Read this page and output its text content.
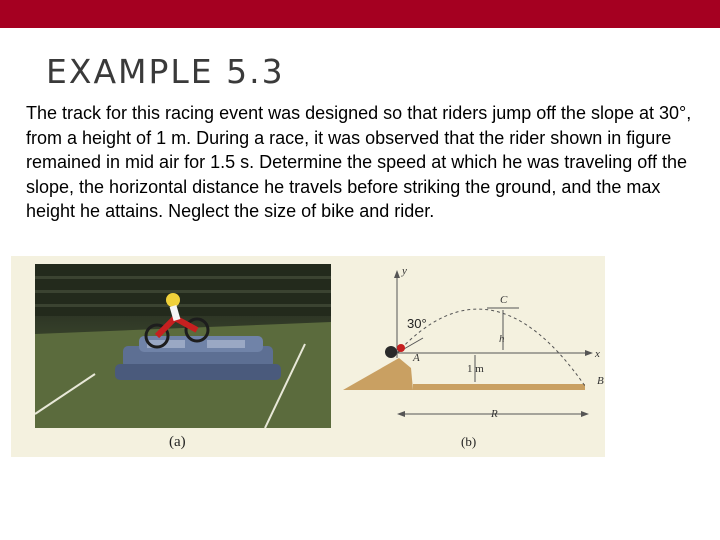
EXAMPLE 5.3

The track for this racing event was designed so that riders jump off the slope at 30°, from a height of 1 m. During a race, it was observed that the rider shown in figure remained in mid air for 1.5 s. Determine the speed at which he was traveling off the slope, the horizontal distance he travels before striking the ground, and the max height he attains. Neglect the size of bike and rider.

(a)
y
x
30°
C
h
A
1 m
B
R
(b)
